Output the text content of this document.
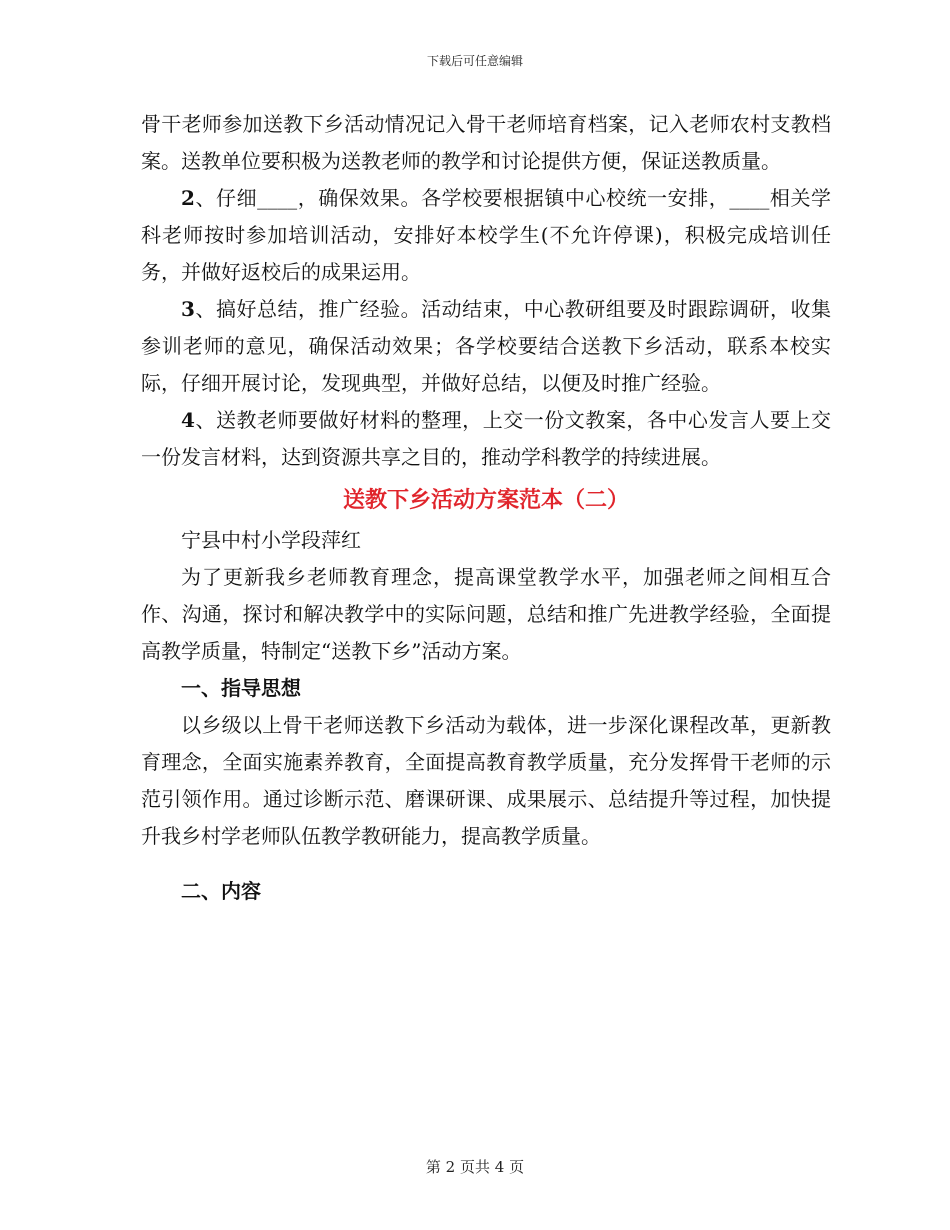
下载后可任意编辑

骨干老师参加送教下乡活动情况记入骨干老师培育档案，记入老师农村支教档案。送教单位要积极为送教老师的教学和讨论提供方便，保证送教质量。

2、仔细____，确保效果。各学校要根据镇中心校统一安排，____相关学科老师按时参加培训活动，安排好本校学生(不允许停课)，积极完成培训任务，并做好返校后的成果运用。

3、搞好总结，推广经验。活动结束，中心教研组要及时跟踪调研，收集参训老师的意见，确保活动效果；各学校要结合送教下乡活动，联系本校实际，仔细开展讨论，发现典型，并做好总结，以便及时推广经验。

4、送教老师要做好材料的整理，上交一份文教案，各中心发言人要上交一份发言材料，达到资源共享之目的，推动学科教学的持续进展。

送教下乡活动方案范本（二）

宁县中村小学段萍红

为了更新我乡老师教育理念，提高课堂教学水平，加强老师之间相互合作、沟通，探讨和解决教学中的实际问题，总结和推广先进教学经验，全面提高教学质量，特制定“送教下乡”活动方案。

一、指导思想

以乡级以上骨干老师送教下乡活动为载体，进一步深化课程改革，更新教育理念，全面实施素养教育，全面提高教育教学质量，充分发挥骨干老师的示范引领作用。通过诊断示范、磨课研课、成果展示、总结提升等过程，加快提升我乡村学老师队伍教学教研能力，提高教学质量。

二、内容
第 2 页共 4 页
